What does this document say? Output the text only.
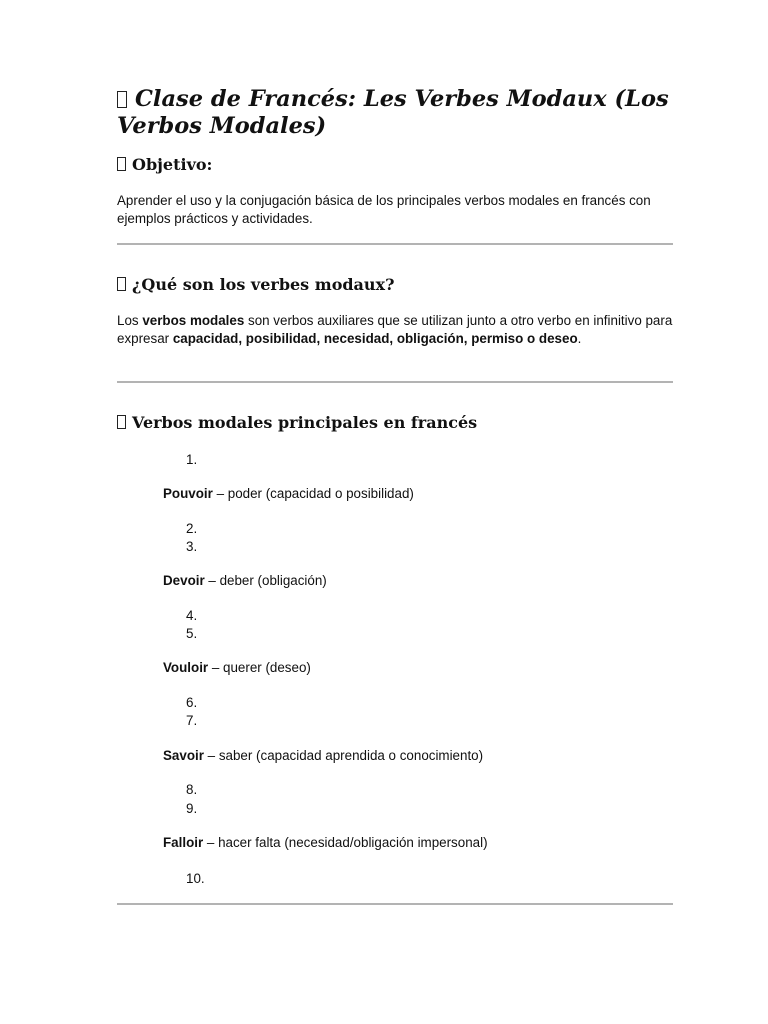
Clase de Francés: Les Verbes Modaux (Los Verbos Modales)
Objetivo:

Aprender el uso y la conjugación básica de los principales verbos modales en francés con ejemplos prácticos y actividades.

¿Qué son los verbes modaux?

Los verbos modales son verbos auxiliares que se utilizan junto a otro verbo en infinitivo para expresar capacidad, posibilidad, necesidad, obligación, permiso o deseo.

Verbos modales principales en francés
1.
Pouvoir – poder (capacidad o posibilidad)
2.
3.
Devoir – deber (obligación)
4.
5.
Vouloir – querer (deseo)
6.
7.
Savoir – saber (capacidad aprendida o conocimiento)
8.
9.
Falloir – hacer falta (necesidad/obligación impersonal)
10.
